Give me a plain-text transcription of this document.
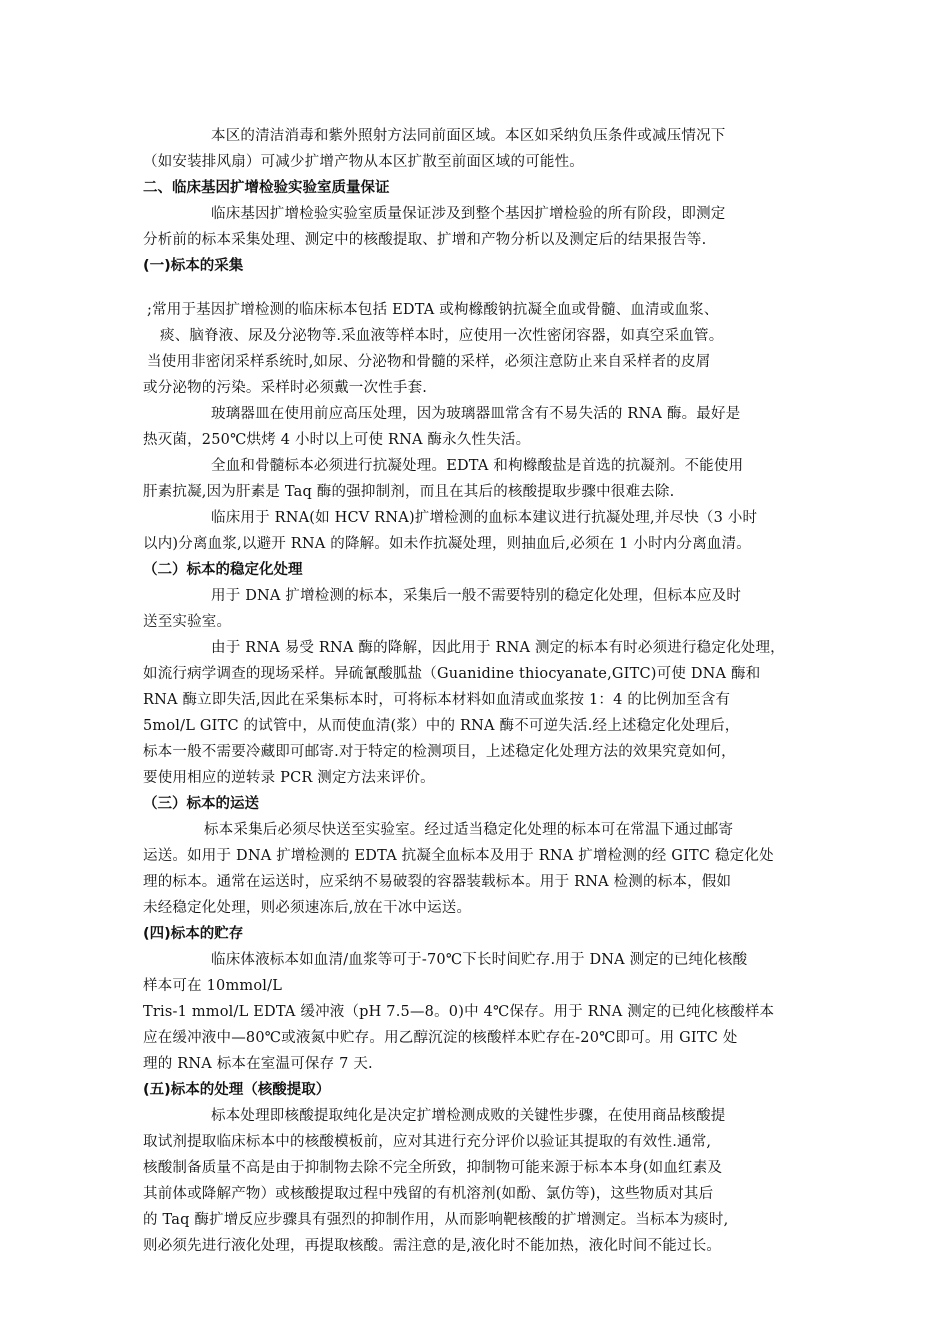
本区的清洁消毒和紫外照射方法同前面区域。本区如采纳负压条件或减压情况下
（如安装排风扇）可减少扩增产物从本区扩散至前面区域的可能性。
二、临床基因扩增检验实验室质量保证
临床基因扩增检验实验室质量保证涉及到整个基因扩增检验的所有阶段，即测定
分析前的标本采集处理、测定中的核酸提取、扩增和产物分析以及测定后的结果报告等.
(一)标本的采集
;常用于基因扩增检测的临床标本包括 EDTA 或枸橼酸钠抗凝全血或骨髓、血清或血浆、
痰、脑脊液、尿及分泌物等.采血液等样本时，应使用一次性密闭容器，如真空采血管。
当使用非密闭采样系统时,如尿、分泌物和骨髓的采样，必须注意防止来自采样者的皮屑
或分泌物的污染。采样时必须戴一次性手套.
玻璃器皿在使用前应高压处理，因为玻璃器皿常含有不易失活的 RNA 酶。最好是
热灭菌，250℃烘烤 4 小时以上可使 RNA 酶永久性失活。
全血和骨髓标本必须进行抗凝处理。EDTA 和枸橼酸盐是首选的抗凝剂。不能使用
肝素抗凝,因为肝素是 Taq 酶的强抑制剂，而且在其后的核酸提取步骤中很难去除.
临床用于 RNA(如 HCV RNA)扩增检测的血标本建议进行抗凝处理,并尽快（3 小时
以内)分离血浆,以避开 RNA 的降解。如未作抗凝处理，则抽血后,必须在 1 小时内分离血清。
（二）标本的稳定化处理
用于 DNA 扩增检测的标本，采集后一般不需要特别的稳定化处理，但标本应及时
送至实验室。
由于 RNA 易受 RNA 酶的降解，因此用于 RNA 测定的标本有时必须进行稳定化处理，
如流行病学调查的现场采样。异硫氰酸胍盐（Guanidine thiocyanate,GITC)可使 DNA 酶和
RNA 酶立即失活,因此在采集标本时，可将标本材料如血清或血浆按 1：4 的比例加至含有
5mol/L GITC 的试管中，从而使血清(浆）中的 RNA 酶不可逆失活.经上述稳定化处理后，
标本一般不需要冷藏即可邮寄.对于特定的检测项目，上述稳定化处理方法的效果究竟如何，
要使用相应的逆转录 PCR 测定方法来评价。
（三）标本的运送
标本采集后必须尽快送至实验室。经过适当稳定化处理的标本可在常温下通过邮寄
运送。如用于 DNA 扩增检测的 EDTA 抗凝全血标本及用于 RNA 扩增检测的经 GITC 稳定化处
理的标本。通常在运送时，应采纳不易破裂的容器装载标本。用于 RNA 检测的标本，假如
未经稳定化处理，则必须速冻后,放在干冰中运送。
(四)标本的贮存
临床体液标本如血清/血浆等可于-70℃下长时间贮存.用于 DNA 测定的已纯化核酸
样本可在 10mmol/L
Tris-1 mmol/L EDTA 缓冲液（pH 7.5—8。0)中 4℃保存。用于 RNA 测定的已纯化核酸样本
应在缓冲液中—80℃或液氮中贮存。用乙醇沉淀的核酸样本贮存在-20℃即可。用 GITC 处
理的 RNA 标本在室温可保存 7 天.
(五)标本的处理（核酸提取）
标本处理即核酸提取纯化是决定扩增检测成败的关键性步骤，在使用商品核酸提
取试剂提取临床标本中的核酸模板前，应对其进行充分评价以验证其提取的有效性.通常,
核酸制备质量不高是由于抑制物去除不完全所致，抑制物可能来源于标本本身(如血红素及
其前体或降解产物）或核酸提取过程中残留的有机溶剂(如酚、氯仿等)，这些物质对其后
的 Taq 酶扩增反应步骤具有强烈的抑制作用，从而影响靶核酸的扩增测定。当标本为痰时,
则必须先进行液化处理，再提取核酸。需注意的是,液化时不能加热，液化时间不能过长。
